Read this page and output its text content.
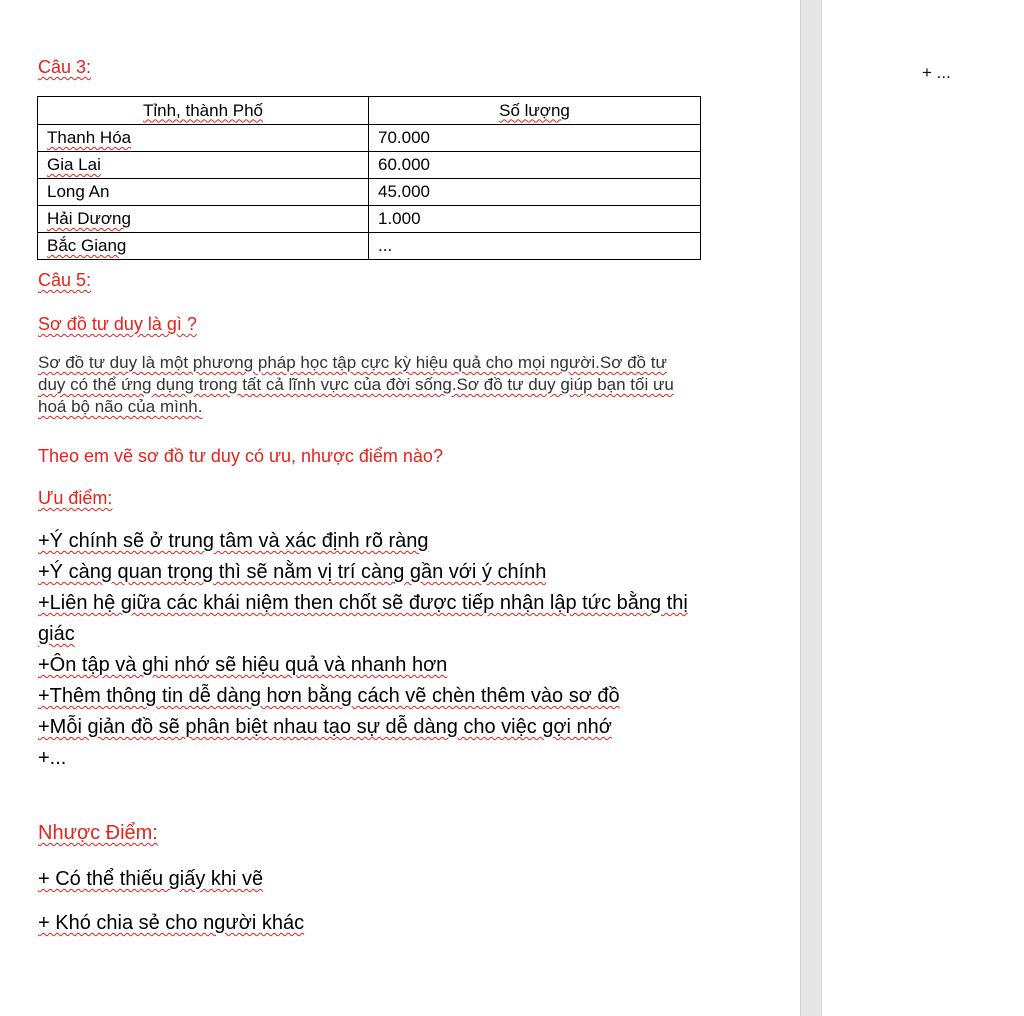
Câu 3:
Tỉnh, thành Phố	Số lượng
Thanh Hóa	70.000
Gia Lai	60.000
Long An	45.000
Hải Dương	1.000
Bắc Giang	...
Câu 5:
Sơ đồ tư duy là gì ?
Sơ đồ tư duy là một phương pháp học tập cực kỳ hiệu quả cho mọi người.Sơ đồ tư duy có thể ứng dụng trong tất cả lĩnh vực của đời sống.Sơ đồ tư duy giúp bạn tối ưu hoá bộ não của mình.
Theo em vẽ sơ đồ tư duy có ưu, nhược điểm nào?
Ưu điểm:
+Ý chính sẽ ở trung tâm và xác định rõ ràng
+Ý càng quan trọng thì sẽ nằm vị trí càng gần với ý chính
+Liên hệ giữa các khái niệm then chốt sẽ được tiếp nhận lập tức bằng thị giác
+Ôn tập và ghi nhớ sẽ hiệu quả và nhanh hơn
+Thêm thông tin dễ dàng hơn bằng cách vẽ chèn thêm vào sơ đồ
+Mỗi giản đồ sẽ phân biệt nhau tạo sự dễ dàng cho việc gợi nhớ
+...
Nhược Điểm:
+ Có thể thiếu giấy khi vẽ
+ Khó chia sẻ cho người khác
+ ...
